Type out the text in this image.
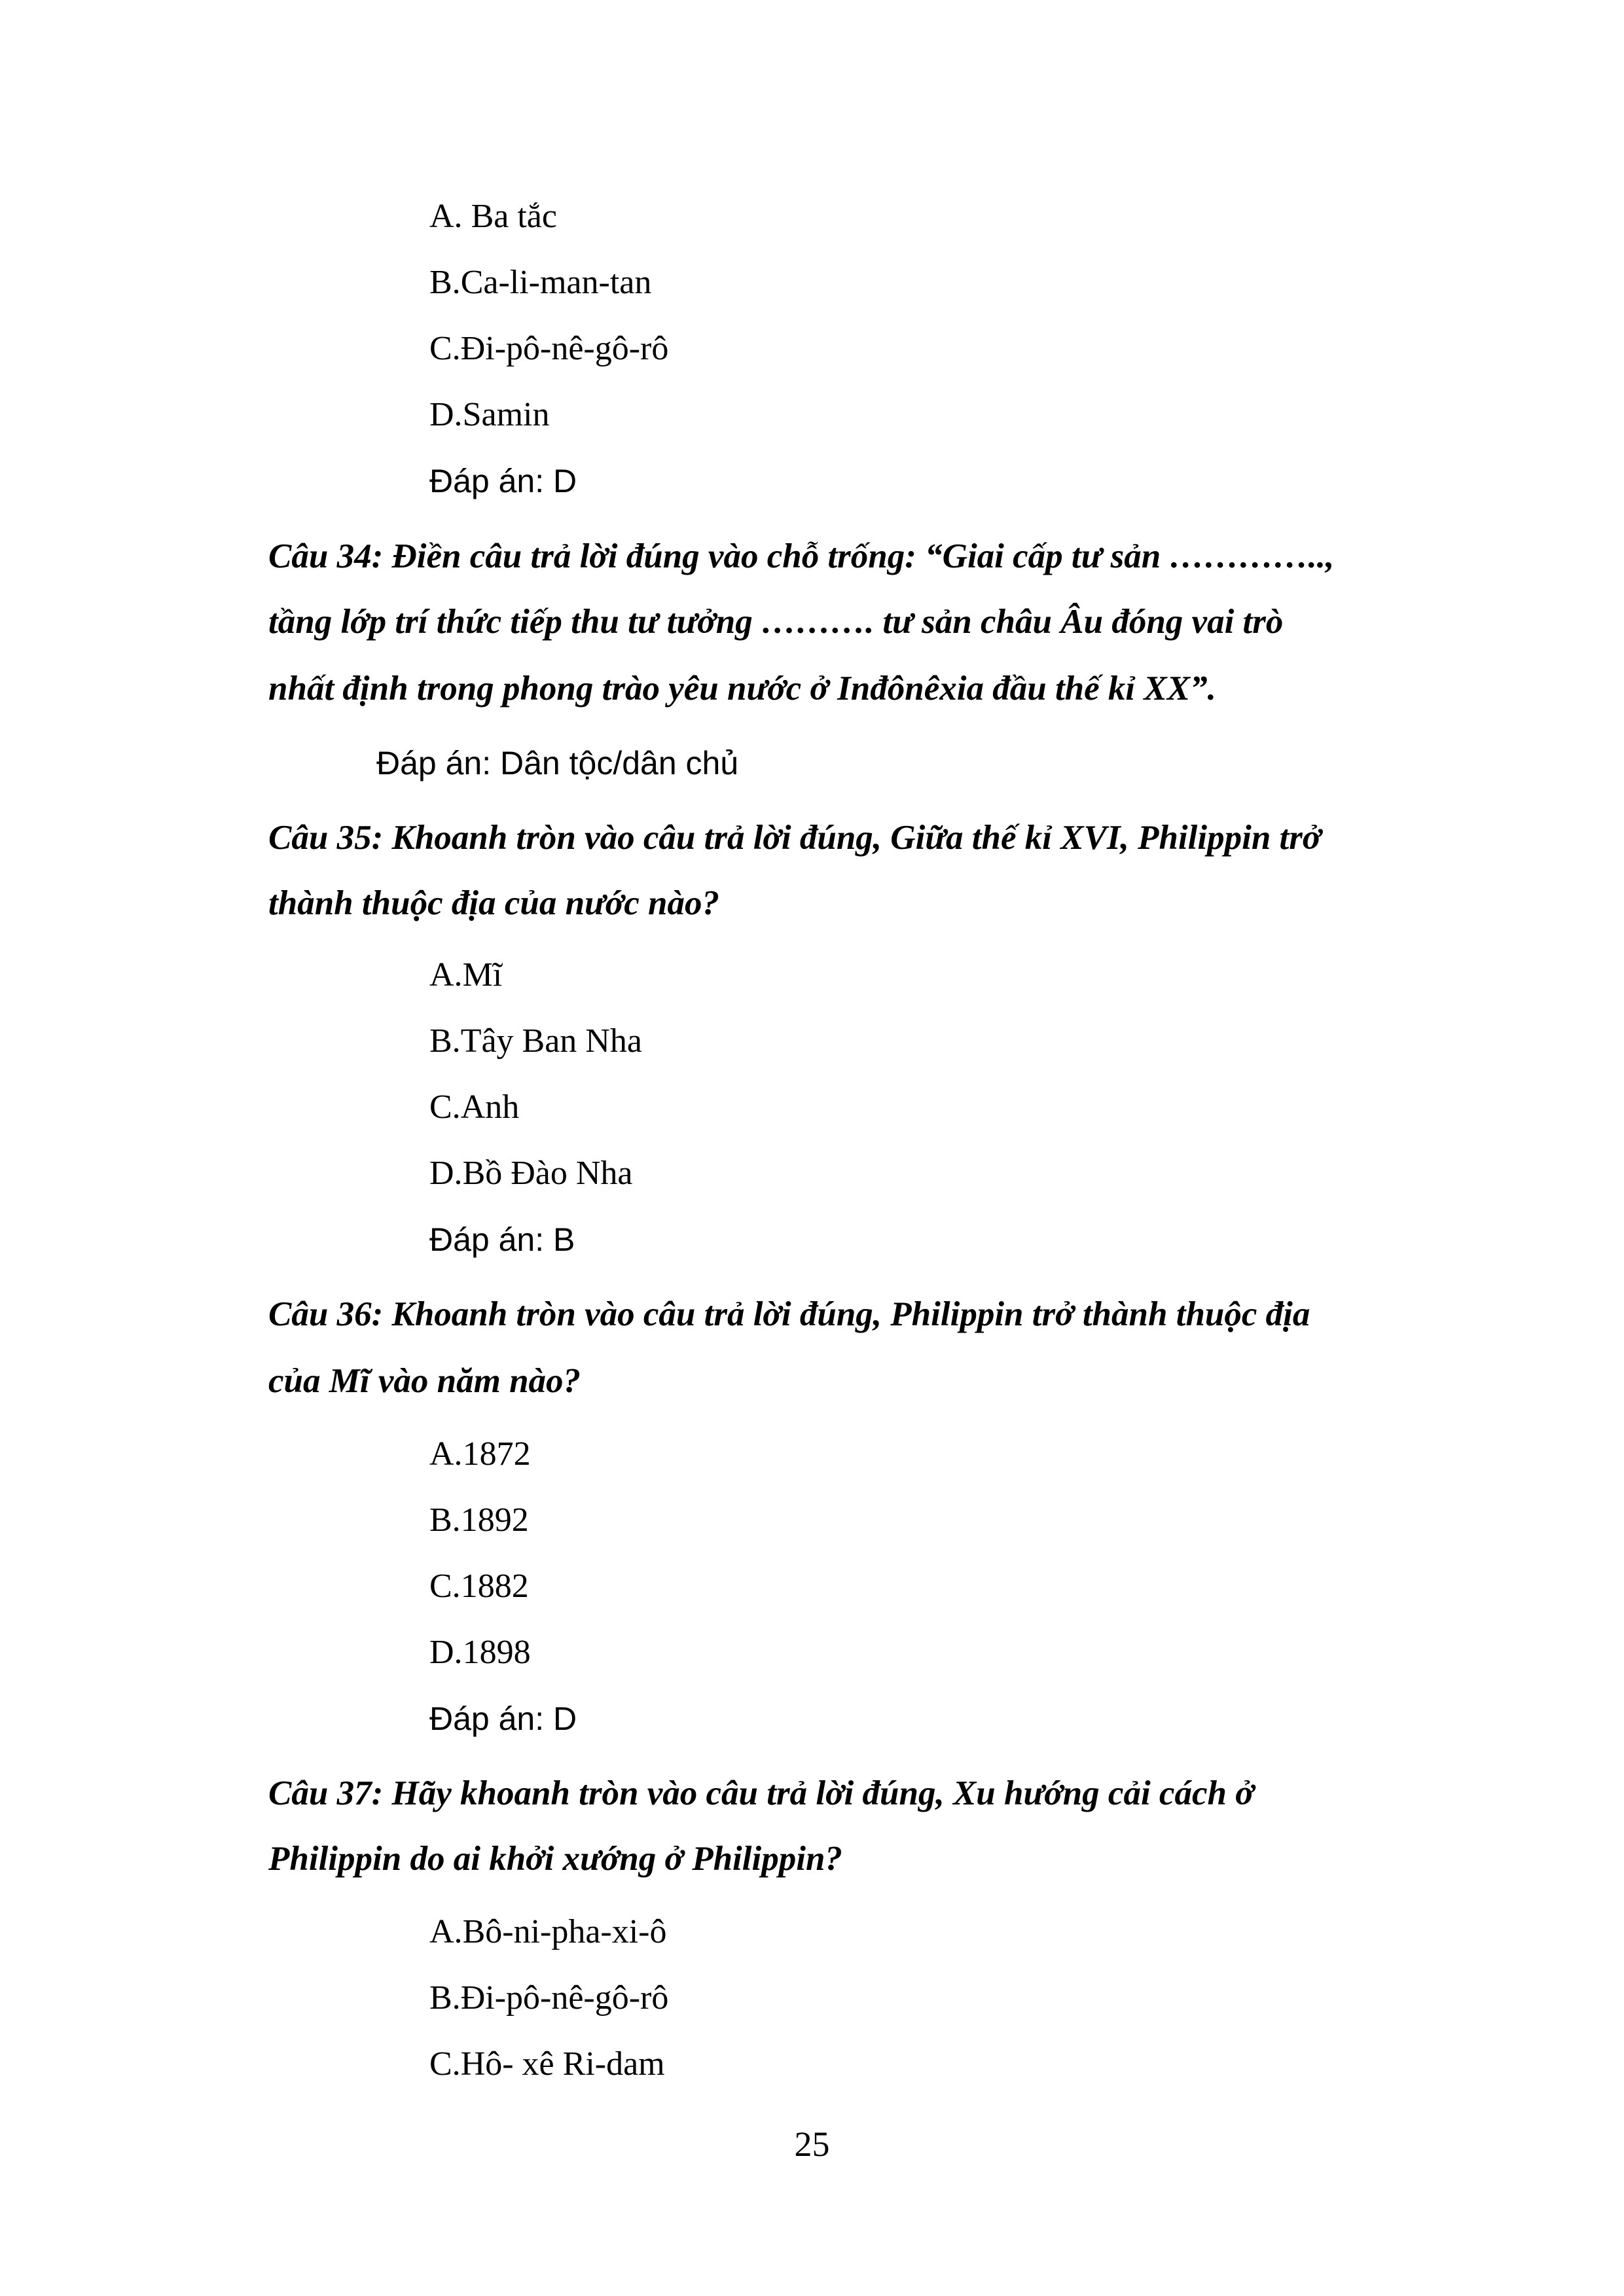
A. Ba tắc
B.Ca-li-man-tan
C.Đi-pô-nê-gô-rô
D.Samin
Đáp án: D
Câu 34: Điền câu trả lời đúng vào chỗ trống: “Giai cấp tư sản …………..,
tầng lớp trí thức tiếp thu tư tưởng ………. tư sản châu Âu đóng vai trò
nhất định trong phong trào yêu nước ở Inđônêxia đầu thế kỉ XX”.
Đáp án: Dân tộc/dân chủ
Câu 35: Khoanh tròn vào câu trả lời đúng, Giữa thế kỉ XVI, Philippin trở
thành thuộc địa của nước nào?
A.Mĩ
B.Tây Ban Nha
C.Anh
D.Bồ Đào Nha
Đáp án: B
Câu 36: Khoanh tròn vào câu trả lời đúng, Philippin trở thành thuộc địa
của Mĩ vào năm nào?
A.1872
B.1892
C.1882
D.1898
Đáp án: D
Câu 37: Hãy khoanh tròn vào câu trả lời đúng, Xu hướng cải cách ở
Philippin do ai khởi xướng ở Philippin?
A.Bô-ni-pha-xi-ô
B.Đi-pô-nê-gô-rô
C.Hô- xê Ri-dam
25
